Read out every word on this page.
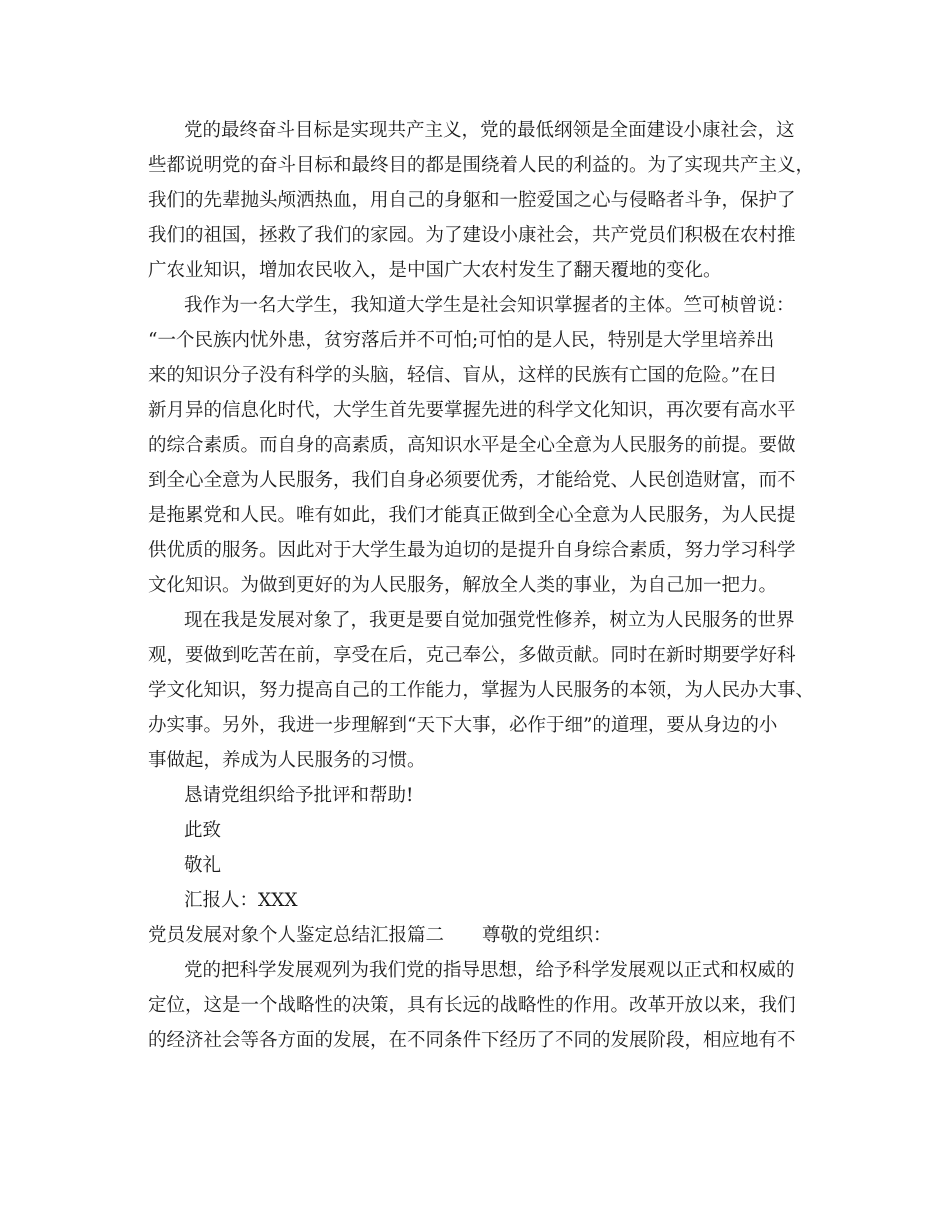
党的最终奋斗目标是实现共产主义，党的最低纲领是全面建设小康社会，这
些都说明党的奋斗目标和最终目的都是围绕着人民的利益的。为了实现共产主义，
我们的先辈抛头颅洒热血，用自己的身躯和一腔爱国之心与侵略者斗争，保护了
我们的祖国，拯救了我们的家园。为了建设小康社会，共产党员们积极在农村推
广农业知识，增加农民收入，是中国广大农村发生了翻天覆地的变化。
我作为一名大学生，我知道大学生是社会知识掌握者的主体。竺可桢曾说：
“一个民族内忧外患，贫穷落后并不可怕;可怕的是人民，特别是大学里培养出
来的知识分子没有科学的头脑，轻信、盲从，这样的民族有亡国的危险。”在日
新月异的信息化时代，大学生首先要掌握先进的科学文化知识，再次要有高水平
的综合素质。而自身的高素质，高知识水平是全心全意为人民服务的前提。要做
到全心全意为人民服务，我们自身必须要优秀，才能给党、人民创造财富，而不
是拖累党和人民。唯有如此，我们才能真正做到全心全意为人民服务，为人民提
供优质的服务。因此对于大学生最为迫切的是提升自身综合素质，努力学习科学
文化知识。为做到更好的为人民服务，解放全人类的事业，为自己加一把力。
现在我是发展对象了，我更是要自觉加强党性修养，树立为人民服务的世界
观，要做到吃苦在前，享受在后，克己奉公，多做贡献。同时在新时期要学好科
学文化知识，努力提高自己的工作能力，掌握为人民服务的本领，为人民办大事、
办实事。另外，我进一步理解到“天下大事，必作于细”的道理，要从身边的小
事做起，养成为人民服务的习惯。
恳请党组织给予批评和帮助!
此致
敬礼
汇报人：XXX
党员发展对象个人鉴定总结汇报篇二 尊敬的党组织：
党的把科学发展观列为我们党的指导思想，给予科学发展观以正式和权威的
定位，这是一个战略性的决策，具有长远的战略性的作用。改革开放以来，我们
的经济社会等各方面的发展，在不同条件下经历了不同的发展阶段，相应地有不
